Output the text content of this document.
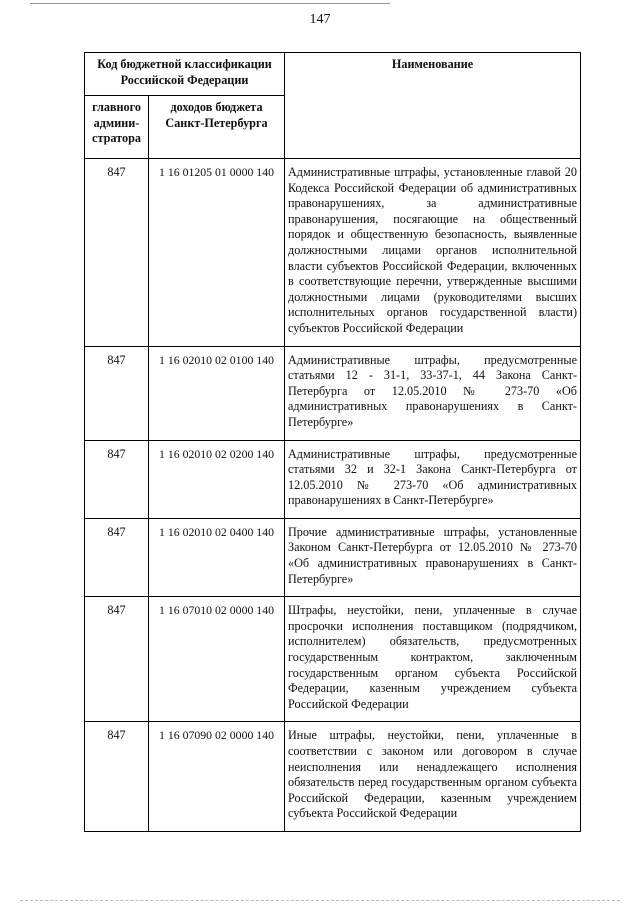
147
Код бюджетной классификации Российской Федерации		Наименование
главного админи-стратора	доходов бюджета Санкт-Петербурга	
847	1 16 01205 01 0000 140	Административные штрафы, установленные главой 20 Кодекса Российской Федерации об административных правонарушениях, за административные правонарушения, посягающие на общественный порядок и общественную безопасность, выявленные должностными лицами органов исполнительной власти субъектов Российской Федерации, включенных в соответствующие перечни, утвержденные высшими должностными лицами (руководителями высших исполнительных органов государственной власти) субъектов Российской Федерации
847	1 16 02010 02 0100 140	Административные штрафы, предусмотренные статьями 12 - 31-1, 33-37-1, 44 Закона Санкт-Петербурга от 12.05.2010 № 273-70 «Об административных правонарушениях в Санкт-Петербурге»
847	1 16 02010 02 0200 140	Административные штрафы, предусмотренные статьями 32 и 32-1 Закона Санкт-Петербурга от 12.05.2010 № 273-70 «Об административных правонарушениях в Санкт-Петербурге»
847	1 16 02010 02 0400 140	Прочие административные штрафы, установленные Законом Санкт-Петербурга от 12.05.2010 № 273-70 «Об административных правонарушениях в Санкт-Петербурге»
847	1 16 07010 02 0000 140	Штрафы, неустойки, пени, уплаченные в случае просрочки исполнения поставщиком (подрядчиком, исполнителем) обязательств, предусмотренных государственным контрактом, заключенным государственным органом субъекта Российской Федерации, казенным учреждением субъекта Российской Федерации
847	1 16 07090 02 0000 140	Иные штрафы, неустойки, пени, уплаченные в соответствии с законом или договором в случае неисполнения или ненадлежащего исполнения обязательств перед государственным органом субъекта Российской Федерации, казенным учреждением субъекта Российской Федерации
